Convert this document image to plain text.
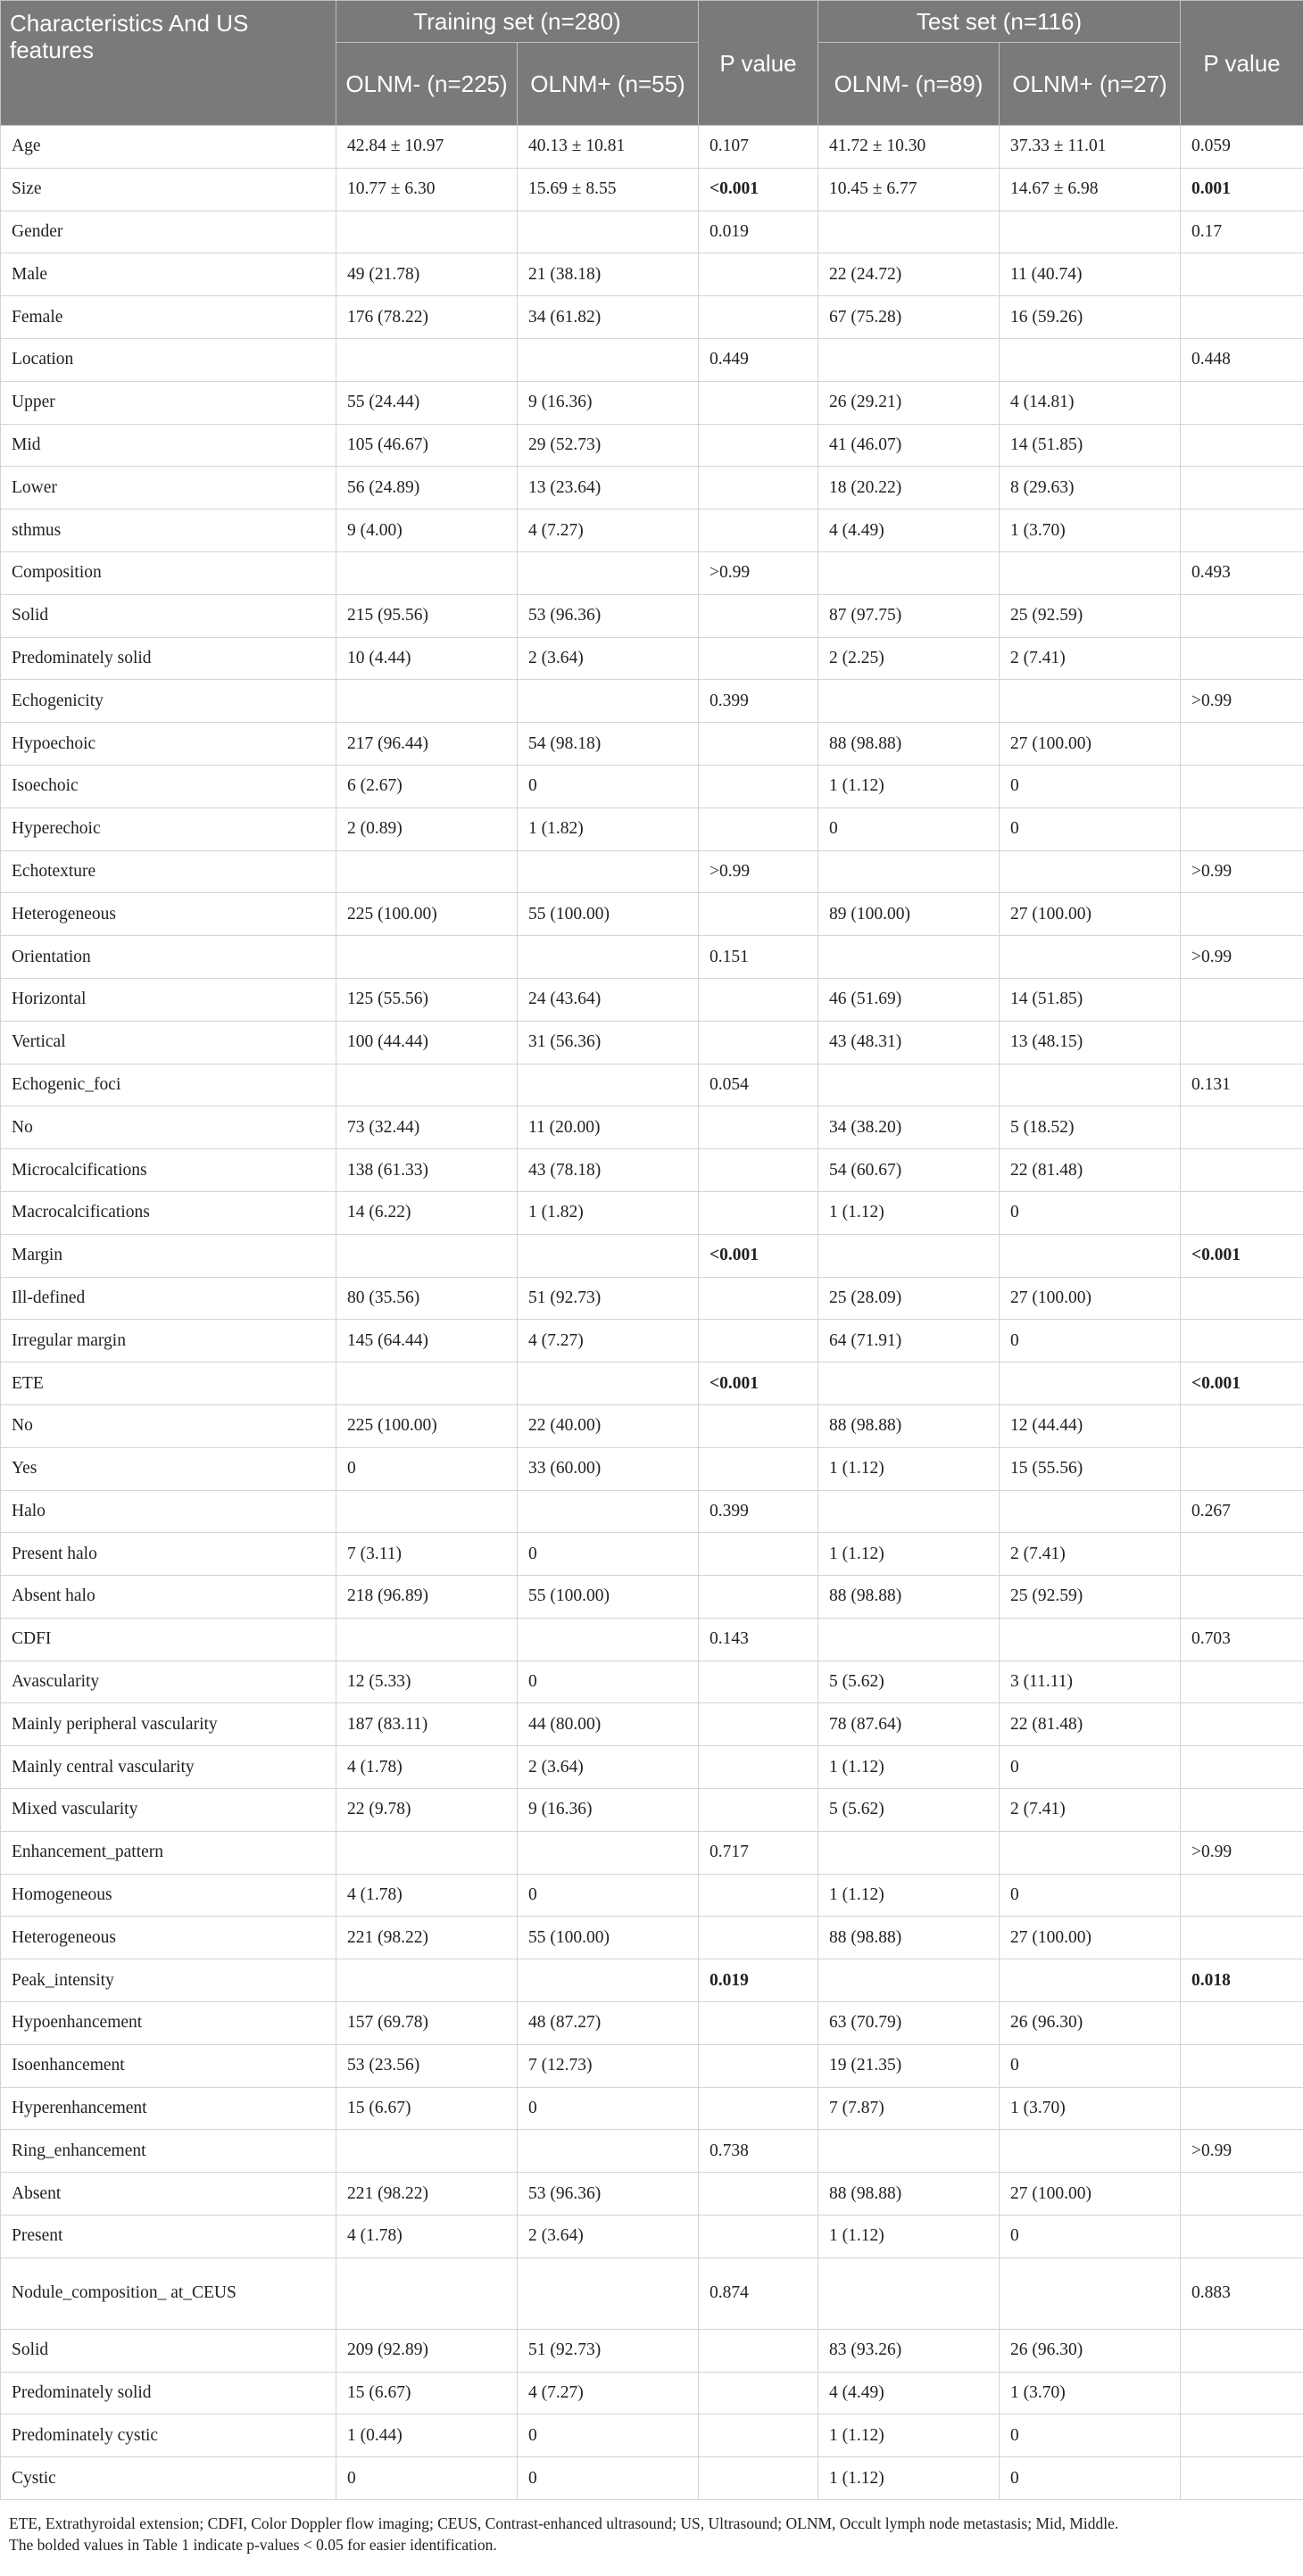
Characteristics And US features	Training set (n=280)		P value	Test set (n=116)		P value
	OLNM- (n=225)	OLNM+ (n=55)		OLNM- (n=89)	OLNM+ (n=27)	
Age	42.84 ± 10.97	40.13 ± 10.81	0.107	41.72 ± 10.30	37.33 ± 11.01	0.059
Size	10.77 ± 6.30	15.69 ± 8.55	<0.001	10.45 ± 6.77	14.67 ± 6.98	0.001
Gender			0.019			0.17
Male	49 (21.78)	21 (38.18)		22 (24.72)	11 (40.74)	
Female	176 (78.22)	34 (61.82)		67 (75.28)	16 (59.26)	
Location			0.449			0.448
Upper	55 (24.44)	9 (16.36)		26 (29.21)	4 (14.81)	
Mid	105 (46.67)	29 (52.73)		41 (46.07)	14 (51.85)	
Lower	56 (24.89)	13 (23.64)		18 (20.22)	8 (29.63)	
sthmus	9 (4.00)	4 (7.27)		4 (4.49)	1 (3.70)	
Composition			>0.99			0.493
Solid	215 (95.56)	53 (96.36)		87 (97.75)	25 (92.59)	
Predominately solid	10 (4.44)	2 (3.64)		2 (2.25)	2 (7.41)	
Echogenicity			0.399			>0.99
Hypoechoic	217 (96.44)	54 (98.18)		88 (98.88)	27 (100.00)	
Isoechoic	6 (2.67)	0		1 (1.12)	0	
Hyperechoic	2 (0.89)	1 (1.82)		0	0	
Echotexture			>0.99			>0.99
Heterogeneous	225 (100.00)	55 (100.00)		89 (100.00)	27 (100.00)	
Orientation			0.151			>0.99
Horizontal	125 (55.56)	24 (43.64)		46 (51.69)	14 (51.85)	
Vertical	100 (44.44)	31 (56.36)		43 (48.31)	13 (48.15)	
Echogenic_foci			0.054			0.131
No	73 (32.44)	11 (20.00)		34 (38.20)	5 (18.52)	
Microcalcifications	138 (61.33)	43 (78.18)		54 (60.67)	22 (81.48)	
Macrocalcifications	14 (6.22)	1 (1.82)		1 (1.12)	0	
Margin			<0.001			<0.001
Ill-defined	80 (35.56)	51 (92.73)		25 (28.09)	27 (100.00)	
Irregular margin	145 (64.44)	4 (7.27)		64 (71.91)	0	
ETE			<0.001			<0.001
No	225 (100.00)	22 (40.00)		88 (98.88)	12 (44.44)	
Yes	0	33 (60.00)		1 (1.12)	15 (55.56)	
Halo			0.399			0.267
Present halo	7 (3.11)	0		1 (1.12)	2 (7.41)	
Absent halo	218 (96.89)	55 (100.00)		88 (98.88)	25 (92.59)	
CDFI			0.143			0.703
Avascularity	12 (5.33)	0		5 (5.62)	3 (11.11)	
Mainly peripheral vascularity	187 (83.11)	44 (80.00)		78 (87.64)	22 (81.48)	
Mainly central vascularity	4 (1.78)	2 (3.64)		1 (1.12)	0	
Mixed vascularity	22 (9.78)	9 (16.36)		5 (5.62)	2 (7.41)	
Enhancement_pattern			0.717			>0.99
Homogeneous	4 (1.78)	0		1 (1.12)	0	
Heterogeneous	221 (98.22)	55 (100.00)		88 (98.88)	27 (100.00)	
Peak_intensity			0.019			0.018
Hypoenhancement	157 (69.78)	48 (87.27)		63 (70.79)	26 (96.30)	
Isoenhancement	53 (23.56)	7 (12.73)		19 (21.35)	0	
Hyperenhancement	15 (6.67)	0		7 (7.87)	1 (3.70)	
Ring_enhancement			0.738			>0.99
Absent	221 (98.22)	53 (96.36)		88 (98.88)	27 (100.00)	
Present	4 (1.78)	2 (3.64)		1 (1.12)	0	
Nodule_composition_ at_CEUS			0.874			0.883
Solid	209 (92.89)	51 (92.73)		83 (93.26)	26 (96.30)	
Predominately solid	15 (6.67)	4 (7.27)		4 (4.49)	1 (3.70)	
Predominately cystic	1 (0.44)	0		1 (1.12)	0	
Cystic	0	0		1 (1.12)	0	
ETE, Extrathyroidal extension; CDFI, Color Doppler flow imaging; CEUS, Contrast-enhanced ultrasound; US, Ultrasound; OLNM, Occult lymph node metastasis; Mid, Middle.
The bolded values in Table 1 indicate p-values < 0.05 for easier identification.
